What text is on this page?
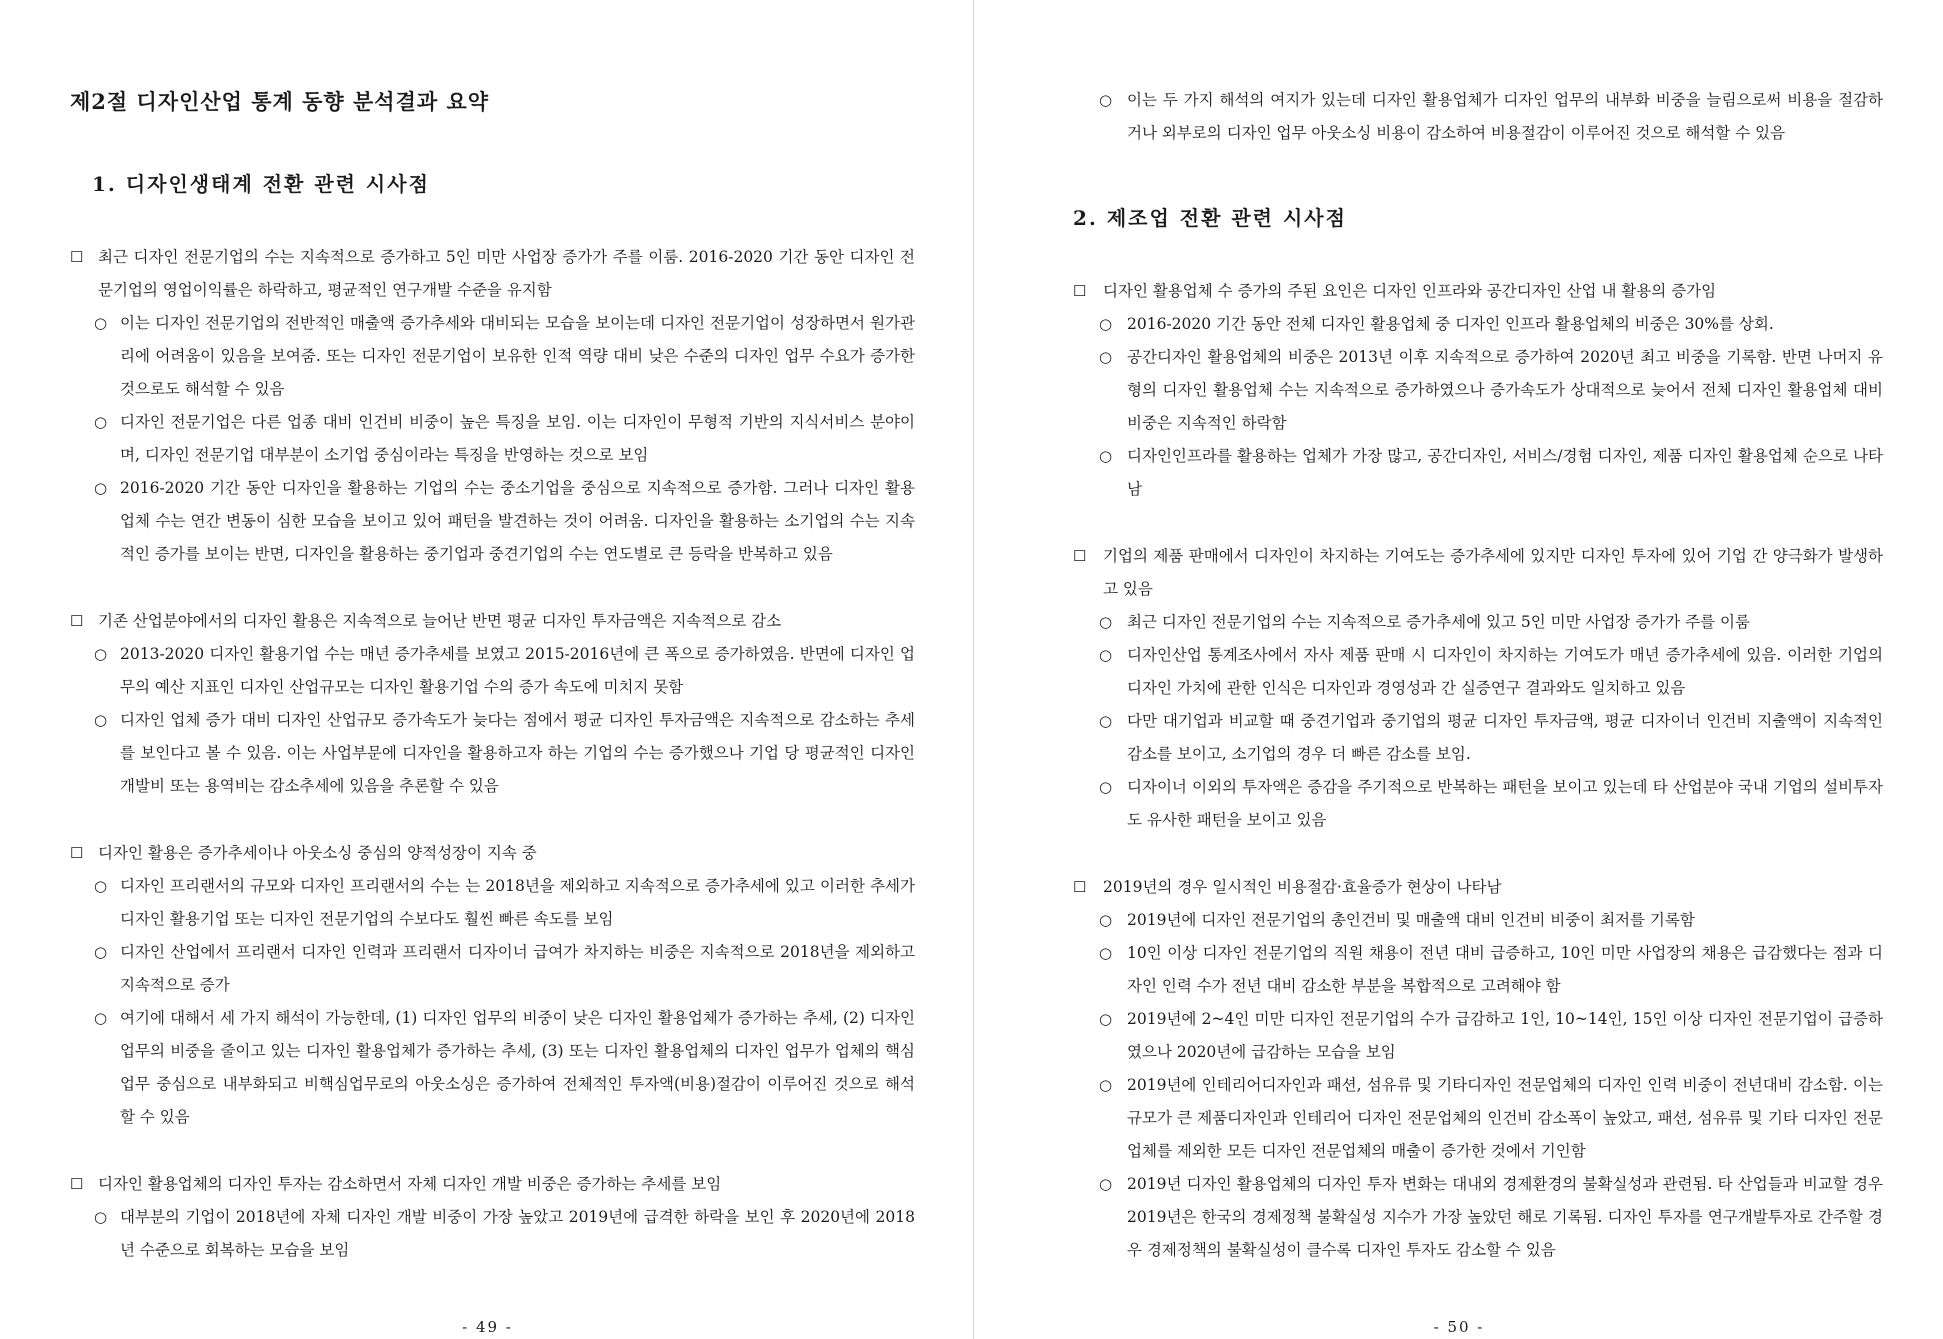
제2절 디자인산업 통계 동향 분석결과 요약
1. 디자인생태계 전환 관련 시사점
☐ 최근 디자인 전문기업의 수는 지속적으로 증가하고 5인 미만 사업장 증가가 주를 이룸. 2016-2020 기간 동안 디자인 전문기업의 영업이익률은 하락하고, 평균적인 연구개발 수준을 유지함
○ 이는 디자인 전문기업의 전반적인 매출액 증가추세와 대비되는 모습을 보이는데 디자인 전문기업이 성장하면서 원가관리에 어려움이 있음을 보여줌. 또는 디자인 전문기업이 보유한 인적 역량 대비 낮은 수준의 디자인 업무 수요가 증가한 것으로도 해석할 수 있음
○ 디자인 전문기업은 다른 업종 대비 인건비 비중이 높은 특징을 보임. 이는 디자인이 무형적 기반의 지식서비스 분야이며, 디자인 전문기업 대부분이 소기업 중심이라는 특징을 반영하는 것으로 보임
○ 2016-2020 기간 동안 디자인을 활용하는 기업의 수는 중소기업을 중심으로 지속적으로 증가함. 그러나 디자인 활용업체 수는 연간 변동이 심한 모습을 보이고 있어 패턴을 발견하는 것이 어려움. 디자인을 활용하는 소기업의 수는 지속적인 증가를 보이는 반면, 디자인을 활용하는 중기업과 중견기업의 수는 연도별로 큰 등락을 반복하고 있음
☐ 기존 산업분야에서의 디자인 활용은 지속적으로 늘어난 반면 평균 디자인 투자금액은 지속적으로 감소
○ 2013-2020 디자인 활용기업 수는 매년 증가추세를 보였고 2015-2016년에 큰 폭으로 증가하였음. 반면에 디자인 업무의 예산 지표인 디자인 산업규모는 디자인 활용기업 수의 증가 속도에 미치지 못함
○ 디자인 업체 증가 대비 디자인 산업규모 증가속도가 늦다는 점에서 평균 디자인 투자금액은 지속적으로 감소하는 추세를 보인다고 볼 수 있음. 이는 사업부문에 디자인을 활용하고자 하는 기업의 수는 증가했으나 기업 당 평균적인 디자인 개발비 또는 용역비는 감소추세에 있음을 추론할 수 있음
☐ 디자인 활용은 증가추세이나 아웃소싱 중심의 양적성장이 지속 중
○ 디자인 프리랜서의 규모와 디자인 프리랜서의 수는 는 2018년을 제외하고 지속적으로 증가추세에 있고 이러한 추세가 디자인 활용기업 또는 디자인 전문기업의 수보다도 훨씬 빠른 속도를 보임
○ 디자인 산업에서 프리랜서 디자인 인력과 프리랜서 디자이너 급여가 차지하는 비중은 지속적으로 2018년을 제외하고 지속적으로 증가
○ 여기에 대해서 세 가지 해석이 가능한데, (1) 디자인 업무의 비중이 낮은 디자인 활용업체가 증가하는 추세, (2) 디자인 업무의 비중을 줄이고 있는 디자인 활용업체가 증가하는 추세, (3) 또는 디자인 활용업체의 디자인 업무가 업체의 핵심업무 중심으로 내부화되고 비핵심업무로의 아웃소싱은 증가하여 전체적인 투자액(비용)절감이 이루어진 것으로 해석할 수 있음
☐ 디자인 활용업체의 디자인 투자는 감소하면서 자체 디자인 개발 비중은 증가하는 추세를 보임
○ 대부분의 기업이 2018년에 자체 디자인 개발 비중이 가장 높았고 2019년에 급격한 하락을 보인 후 2020년에 2018년 수준으로 회복하는 모습을 보임
- 49 -
○ 이는 두 가지 해석의 여지가 있는데 디자인 활용업체가 디자인 업무의 내부화 비중을 늘림으로써 비용을 절감하거나 외부로의 디자인 업무 아웃소싱 비용이 감소하여 비용절감이 이루어진 것으로 해석할 수 있음
2. 제조업 전환 관련 시사점
☐ 디자인 활용업체 수 증가의 주된 요인은 디자인 인프라와 공간디자인 산업 내 활용의 증가임
○ 2016-2020 기간 동안 전체 디자인 활용업체 중 디자인 인프라 활용업체의 비중은 30%를 상회.
○ 공간디자인 활용업체의 비중은 2013년 이후 지속적으로 증가하여 2020년 최고 비중을 기록함. 반면 나머지 유형의 디자인 활용업체 수는 지속적으로 증가하였으나 증가속도가 상대적으로 늦어서 전체 디자인 활용업체 대비 비중은 지속적인 하락함
○ 디자인인프라를 활용하는 업체가 가장 많고, 공간디자인, 서비스/경험 디자인, 제품 디자인 활용업체 순으로 나타남
☐ 기업의 제품 판매에서 디자인이 차지하는 기여도는 증가추세에 있지만 디자인 투자에 있어 기업 간 양극화가 발생하고 있음
○ 최근 디자인 전문기업의 수는 지속적으로 증가추세에 있고 5인 미만 사업장 증가가 주를 이룸
○ 디자인산업 통계조사에서 자사 제품 판매 시 디자인이 차지하는 기여도가 매년 증가추세에 있음. 이러한 기업의 디자인 가치에 관한 인식은 디자인과 경영성과 간 실증연구 결과와도 일치하고 있음
○ 다만 대기업과 비교할 때 중견기업과 중기업의 평균 디자인 투자금액, 평균 디자이너 인건비 지출액이 지속적인 감소를 보이고, 소기업의 경우 더 빠른 감소를 보임.
○ 디자이너 이외의 투자액은 증감을 주기적으로 반복하는 패턴을 보이고 있는데 타 산업분야 국내 기업의 설비투자도 유사한 패턴을 보이고 있음
☐ 2019년의 경우 일시적인 비용절감·효율증가 현상이 나타남
○ 2019년에 디자인 전문기업의 총인건비 및 매출액 대비 인건비 비중이 최저를 기록함
○ 10인 이상 디자인 전문기업의 직원 채용이 전년 대비 급증하고, 10인 미만 사업장의 채용은 급감했다는 점과 디자인 인력 수가 전년 대비 감소한 부분을 복합적으로 고려해야 함
○ 2019년에 2~4인 미만 디자인 전문기업의 수가 급감하고 1인, 10~14인, 15인 이상 디자인 전문기업이 급증하였으나 2020년에 급감하는 모습을 보임
○ 2019년에 인테리어디자인과 패션, 섬유류 및 기타디자인 전문업체의 디자인 인력 비중이 전년대비 감소함. 이는 규모가 큰 제품디자인과 인테리어 디자인 전문업체의 인건비 감소폭이 높았고, 패션, 섬유류 및 기타 디자인 전문업체를 제외한 모든 디자인 전문업체의 매출이 증가한 것에서 기인함
○ 2019년 디자인 활용업체의 디자인 투자 변화는 대내외 경제환경의 불확실성과 관련됨. 타 산업들과 비교할 경우 2019년은 한국의 경제정책 불확실성 지수가 가장 높았던 해로 기록됨. 디자인 투자를 연구개발투자로 간주할 경우 경제정책의 불확실성이 클수록 디자인 투자도 감소할 수 있음
- 50 -
